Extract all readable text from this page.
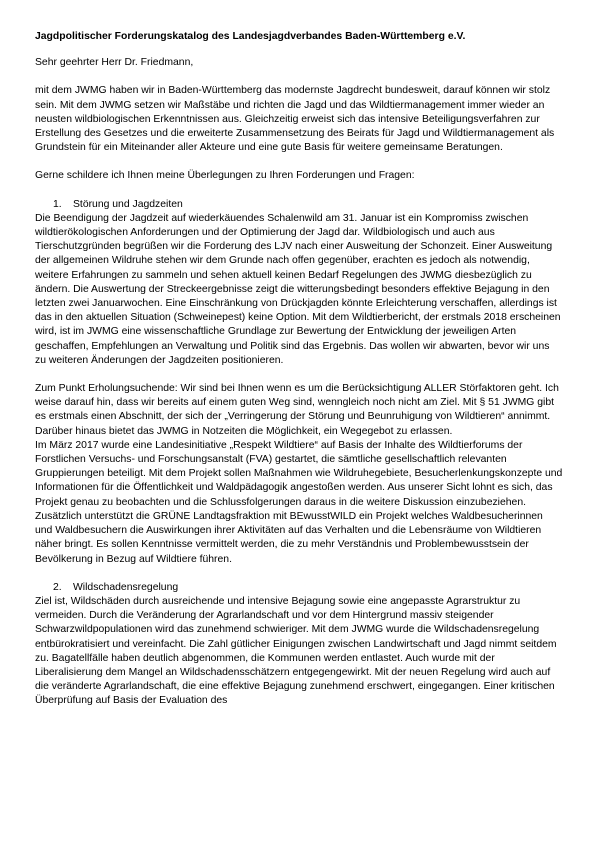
Jagdpolitischer Forderungskatalog des Landesjagdverbandes Baden-Württemberg e.V.
Sehr geehrter Herr Dr. Friedmann,

mit dem JWMG haben wir in Baden-Württemberg das modernste Jagdrecht bundesweit, darauf können wir stolz sein. Mit dem JWMG setzen wir Maßstäbe und richten die Jagd und das Wildtiermanagement immer wieder an neusten wildbiologischen Erkenntnissen aus. Gleichzeitig erweist sich das intensive Beteiligungsverfahren zur Erstellung des Gesetzes und die erweiterte Zusammensetzung des Beirats für Jagd und Wildtiermanagement als Grundstein für ein Miteinander aller Akteure und eine gute Basis für weitere gemeinsame Beratungen.

Gerne schildere ich Ihnen meine Überlegungen zu Ihren Forderungen und Fragen:

1. Störung und Jagdzeiten

Die Beendigung der Jagdzeit auf wiederkäuendes Schalenwild am 31. Januar ist ein Kompromiss zwischen wildtierökologischen Anforderungen und der Optimierung der Jagd dar. Wildbiologisch und auch aus Tierschutzgründen begrüßen wir die Forderung des LJV nach einer Ausweitung der Schonzeit. Einer Ausweitung der allgemeinen Wildruhe stehen wir dem Grunde nach offen gegenüber, erachten es jedoch als notwendig, weitere Erfahrungen zu sammeln und sehen aktuell keinen Bedarf Regelungen des JWMG diesbezüglich zu ändern. Die Auswertung der Streckeergebnisse zeigt die witterungsbedingt besonders effektive Bejagung in den letzten zwei Januarwochen. Eine Einschränkung von Drückjagden könnte Erleichterung verschaffen, allerdings ist das in den aktuellen Situation (Schweinepest) keine Option. Mit dem Wildtierbericht, der erstmals 2018 erscheinen wird, ist im JWMG eine wissenschaftliche Grundlage zur Bewertung der Entwicklung der jeweiligen Arten geschaffen, Empfehlungen an Verwaltung und Politik sind das Ergebnis. Das wollen wir abwarten, bevor wir uns zu weiteren Änderungen der Jagdzeiten positionieren.

Zum Punkt Erholungsuchende: Wir sind bei Ihnen wenn es um die Berücksichtigung ALLER Störfaktoren geht. Ich weise darauf hin, dass wir bereits auf einem guten Weg sind, wenngleich noch nicht am Ziel. Mit § 51 JWMG gibt es erstmals einen Abschnitt, der sich der „Verringerung der Störung und Beunruhigung von Wildtieren“ annimmt. Darüber hinaus bietet das JWMG in Notzeiten die Möglichkeit, ein Wegegebot zu erlassen.

Im März 2017 wurde eine Landesinitiative „Respekt Wildtiere“ auf Basis der Inhalte des Wildtierforums der Forstlichen Versuchs- und Forschungsanstalt (FVA) gestartet, die sämtliche gesellschaftlich relevanten Gruppierungen beteiligt. Mit dem Projekt sollen Maßnahmen wie Wildruhegebiete, Besucherlenkungskonzepte und Informationen für die Öffentlichkeit und Waldpädagogik angestoßen werden. Aus unserer Sicht lohnt es sich, das Projekt genau zu beobachten und die Schlussfolgerungen daraus in die weitere Diskussion einzubeziehen. Zusätzlich unterstützt die GRÜNE Landtagsfraktion mit BEwusstWILD ein Projekt welches Waldbesucherinnen und Waldbesuchern die Auswirkungen ihrer Aktivitäten auf das Verhalten und die Lebensräume von Wildtieren näher bringt. Es sollen Kenntnisse vermittelt werden, die zu mehr Verständnis und Problembewusstsein der Bevölkerung in Bezug auf Wildtiere führen.

2. Wildschadensregelung

Ziel ist, Wildschäden durch ausreichende und intensive Bejagung sowie eine angepasste Agrarstruktur zu vermeiden. Durch die Veränderung der Agrarlandschaft und vor dem Hintergrund massiv steigender Schwarzwildpopulationen wird das zunehmend schwieriger. Mit dem JWMG wurde die Wildschadensregelung entbürokratisiert und vereinfacht. Die Zahl gütlicher Einigungen zwischen Landwirtschaft und Jagd nimmt seitdem zu. Bagatellfälle haben deutlich abgenommen, die Kommunen werden entlastet. Auch wurde mit der Liberalisierung dem Mangel an Wildschadensschätzern entgegengewirkt. Mit der neuen Regelung wird auch auf die veränderte Agrarlandschaft, die eine effektive Bejagung zunehmend erschwert, eingegangen. Einer kritischen Überprüfung auf Basis der Evaluation des
